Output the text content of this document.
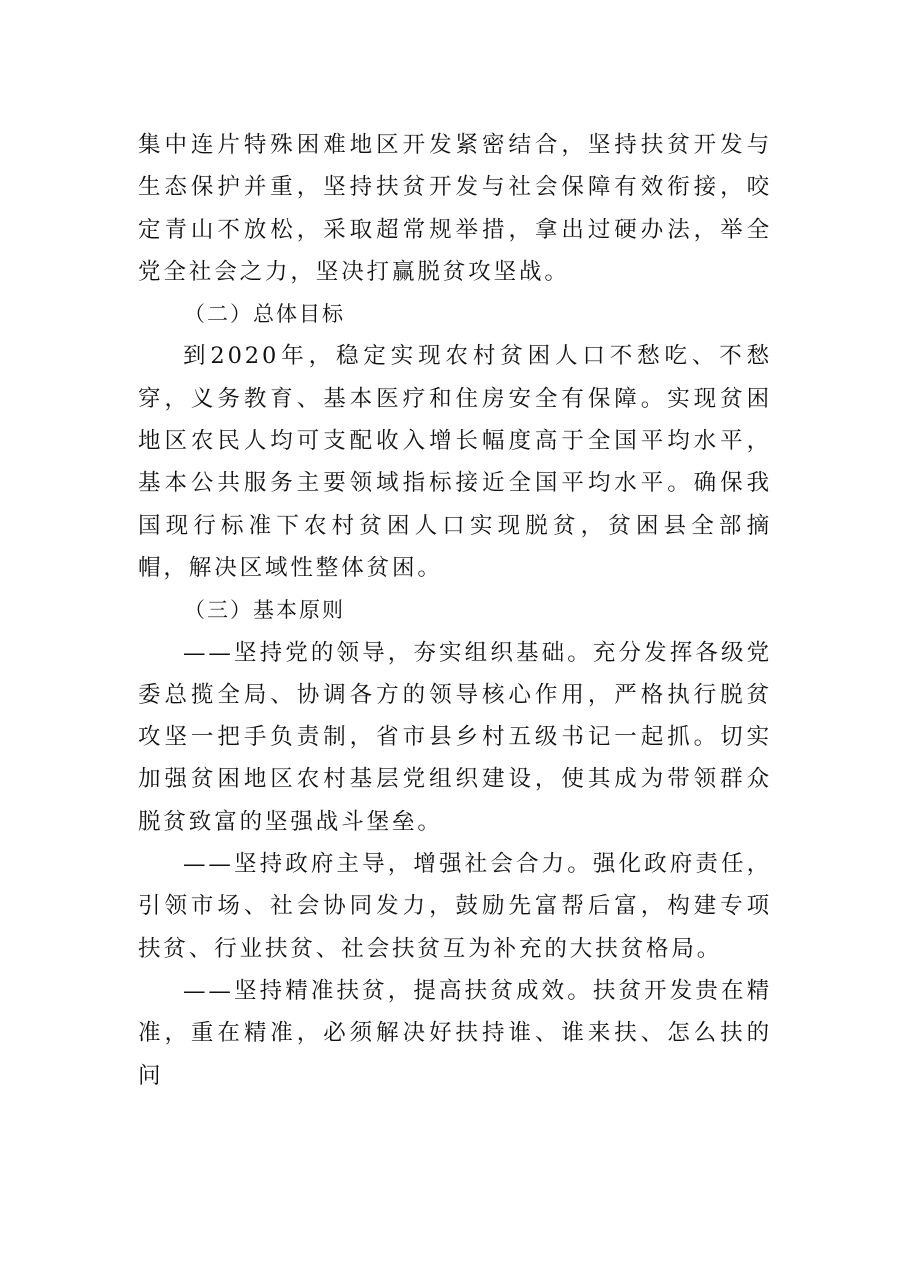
集中连片特殊困难地区开发紧密结合，坚持扶贫开发与生态保护并重，坚持扶贫开发与社会保障有效衔接，咬定青山不放松，采取超常规举措，拿出过硬办法，举全党全社会之力，坚决打赢脱贫攻坚战。

（二）总体目标

到2020年，稳定实现农村贫困人口不愁吃、不愁穿，义务教育、基本医疗和住房安全有保障。实现贫困地区农民人均可支配收入增长幅度高于全国平均水平，基本公共服务主要领域指标接近全国平均水平。确保我国现行标准下农村贫困人口实现脱贫，贫困县全部摘帽，解决区域性整体贫困。

（三）基本原则

——坚持党的领导，夯实组织基础。充分发挥各级党委总揽全局、协调各方的领导核心作用，严格执行脱贫攻坚一把手负责制，省市县乡村五级书记一起抓。切实加强贫困地区农村基层党组织建设，使其成为带领群众脱贫致富的坚强战斗堡垒。

——坚持政府主导，增强社会合力。强化政府责任，引领市场、社会协同发力，鼓励先富帮后富，构建专项扶贫、行业扶贫、社会扶贫互为补充的大扶贫格局。

——坚持精准扶贫，提高扶贫成效。扶贫开发贵在精准，重在精准，必须解决好扶持谁、谁来扶、怎么扶的问
